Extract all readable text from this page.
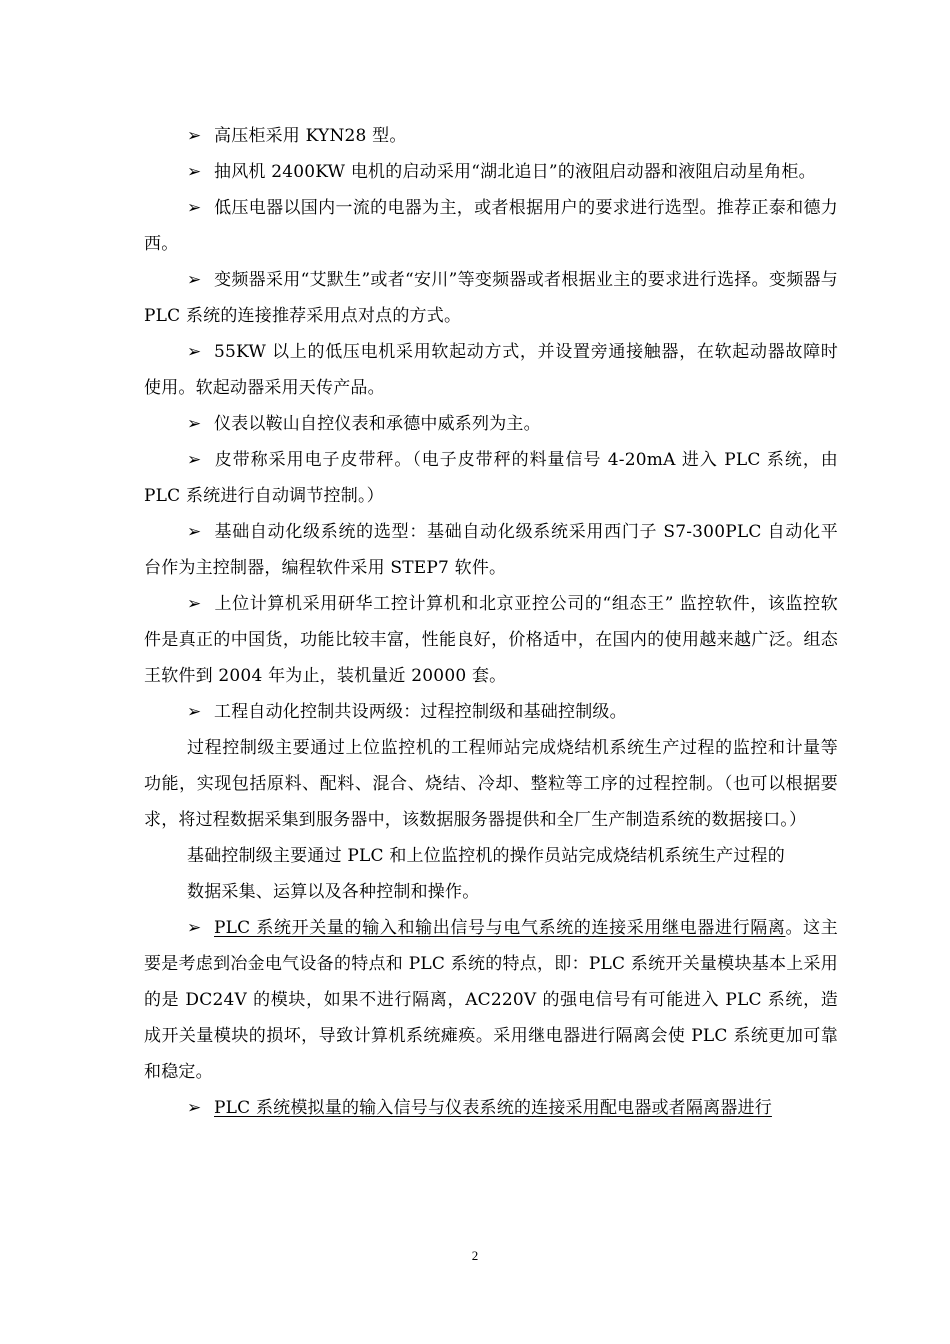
➢ 高压柜采用 KYN28 型。

➢ 抽风机 2400KW 电机的启动采用“湖北追日”的液阻启动器和液阻启动星角柜。

➢ 低压电器以国内一流的电器为主，或者根据用户的要求进行选型。推荐正泰和德力西。

➢ 变频器采用“艾默生”或者“安川”等变频器或者根据业主的要求进行选择。变频器与 PLC 系统的连接推荐采用点对点的方式。

➢ 55KW 以上的低压电机采用软起动方式，并设置旁通接触器，在软起动器故障时使用。软起动器采用天传产品。

➢ 仪表以鞍山自控仪表和承德中威系列为主。

➢ 皮带称采用电子皮带秤。（电子皮带秤的料量信号 4-20mA 进入 PLC 系统，由 PLC 系统进行自动调节控制。）

➢ 基础自动化级系统的选型：基础自动化级系统采用西门子 S7-300PLC 自动化平台作为主控制器，编程软件采用 STEP7 软件。

➢ 上位计算机采用研华工控计算机和北京亚控公司的“组态王” 监控软件，该监控软件是真正的中国货，功能比较丰富，性能良好，价格适中，在国内的使用越来越广泛。组态王软件到 2004 年为止，装机量近 20000 套。

➢ 工程自动化控制共设两级：过程控制级和基础控制级。

过程控制级主要通过上位监控机的工程师站完成烧结机系统生产过程的监控和计量等功能，实现包括原料、配料、混合、烧结、冷却、整粒等工序的过程控制。（也可以根据要求，将过程数据采集到服务器中，该数据服务器提供和全厂生产制造系统的数据接口。）

基础控制级主要通过 PLC 和上位监控机的操作员站完成烧结机系统生产过程的

数据采集、运算以及各种控制和操作。

➢ PLC 系统开关量的输入和输出信号与电气系统的连接采用继电器进行隔离。这主要是考虑到冶金电气设备的特点和 PLC 系统的特点，即：PLC 系统开关量模块基本上采用的是 DC24V 的模块，如果不进行隔离，AC220V 的强电信号有可能进入 PLC 系统，造成开关量模块的损坏，导致计算机系统瘫痪。采用继电器进行隔离会使 PLC 系统更加可靠和稳定。

➢ PLC 系统模拟量的输入信号与仪表系统的连接采用配电器或者隔离器进行

2
